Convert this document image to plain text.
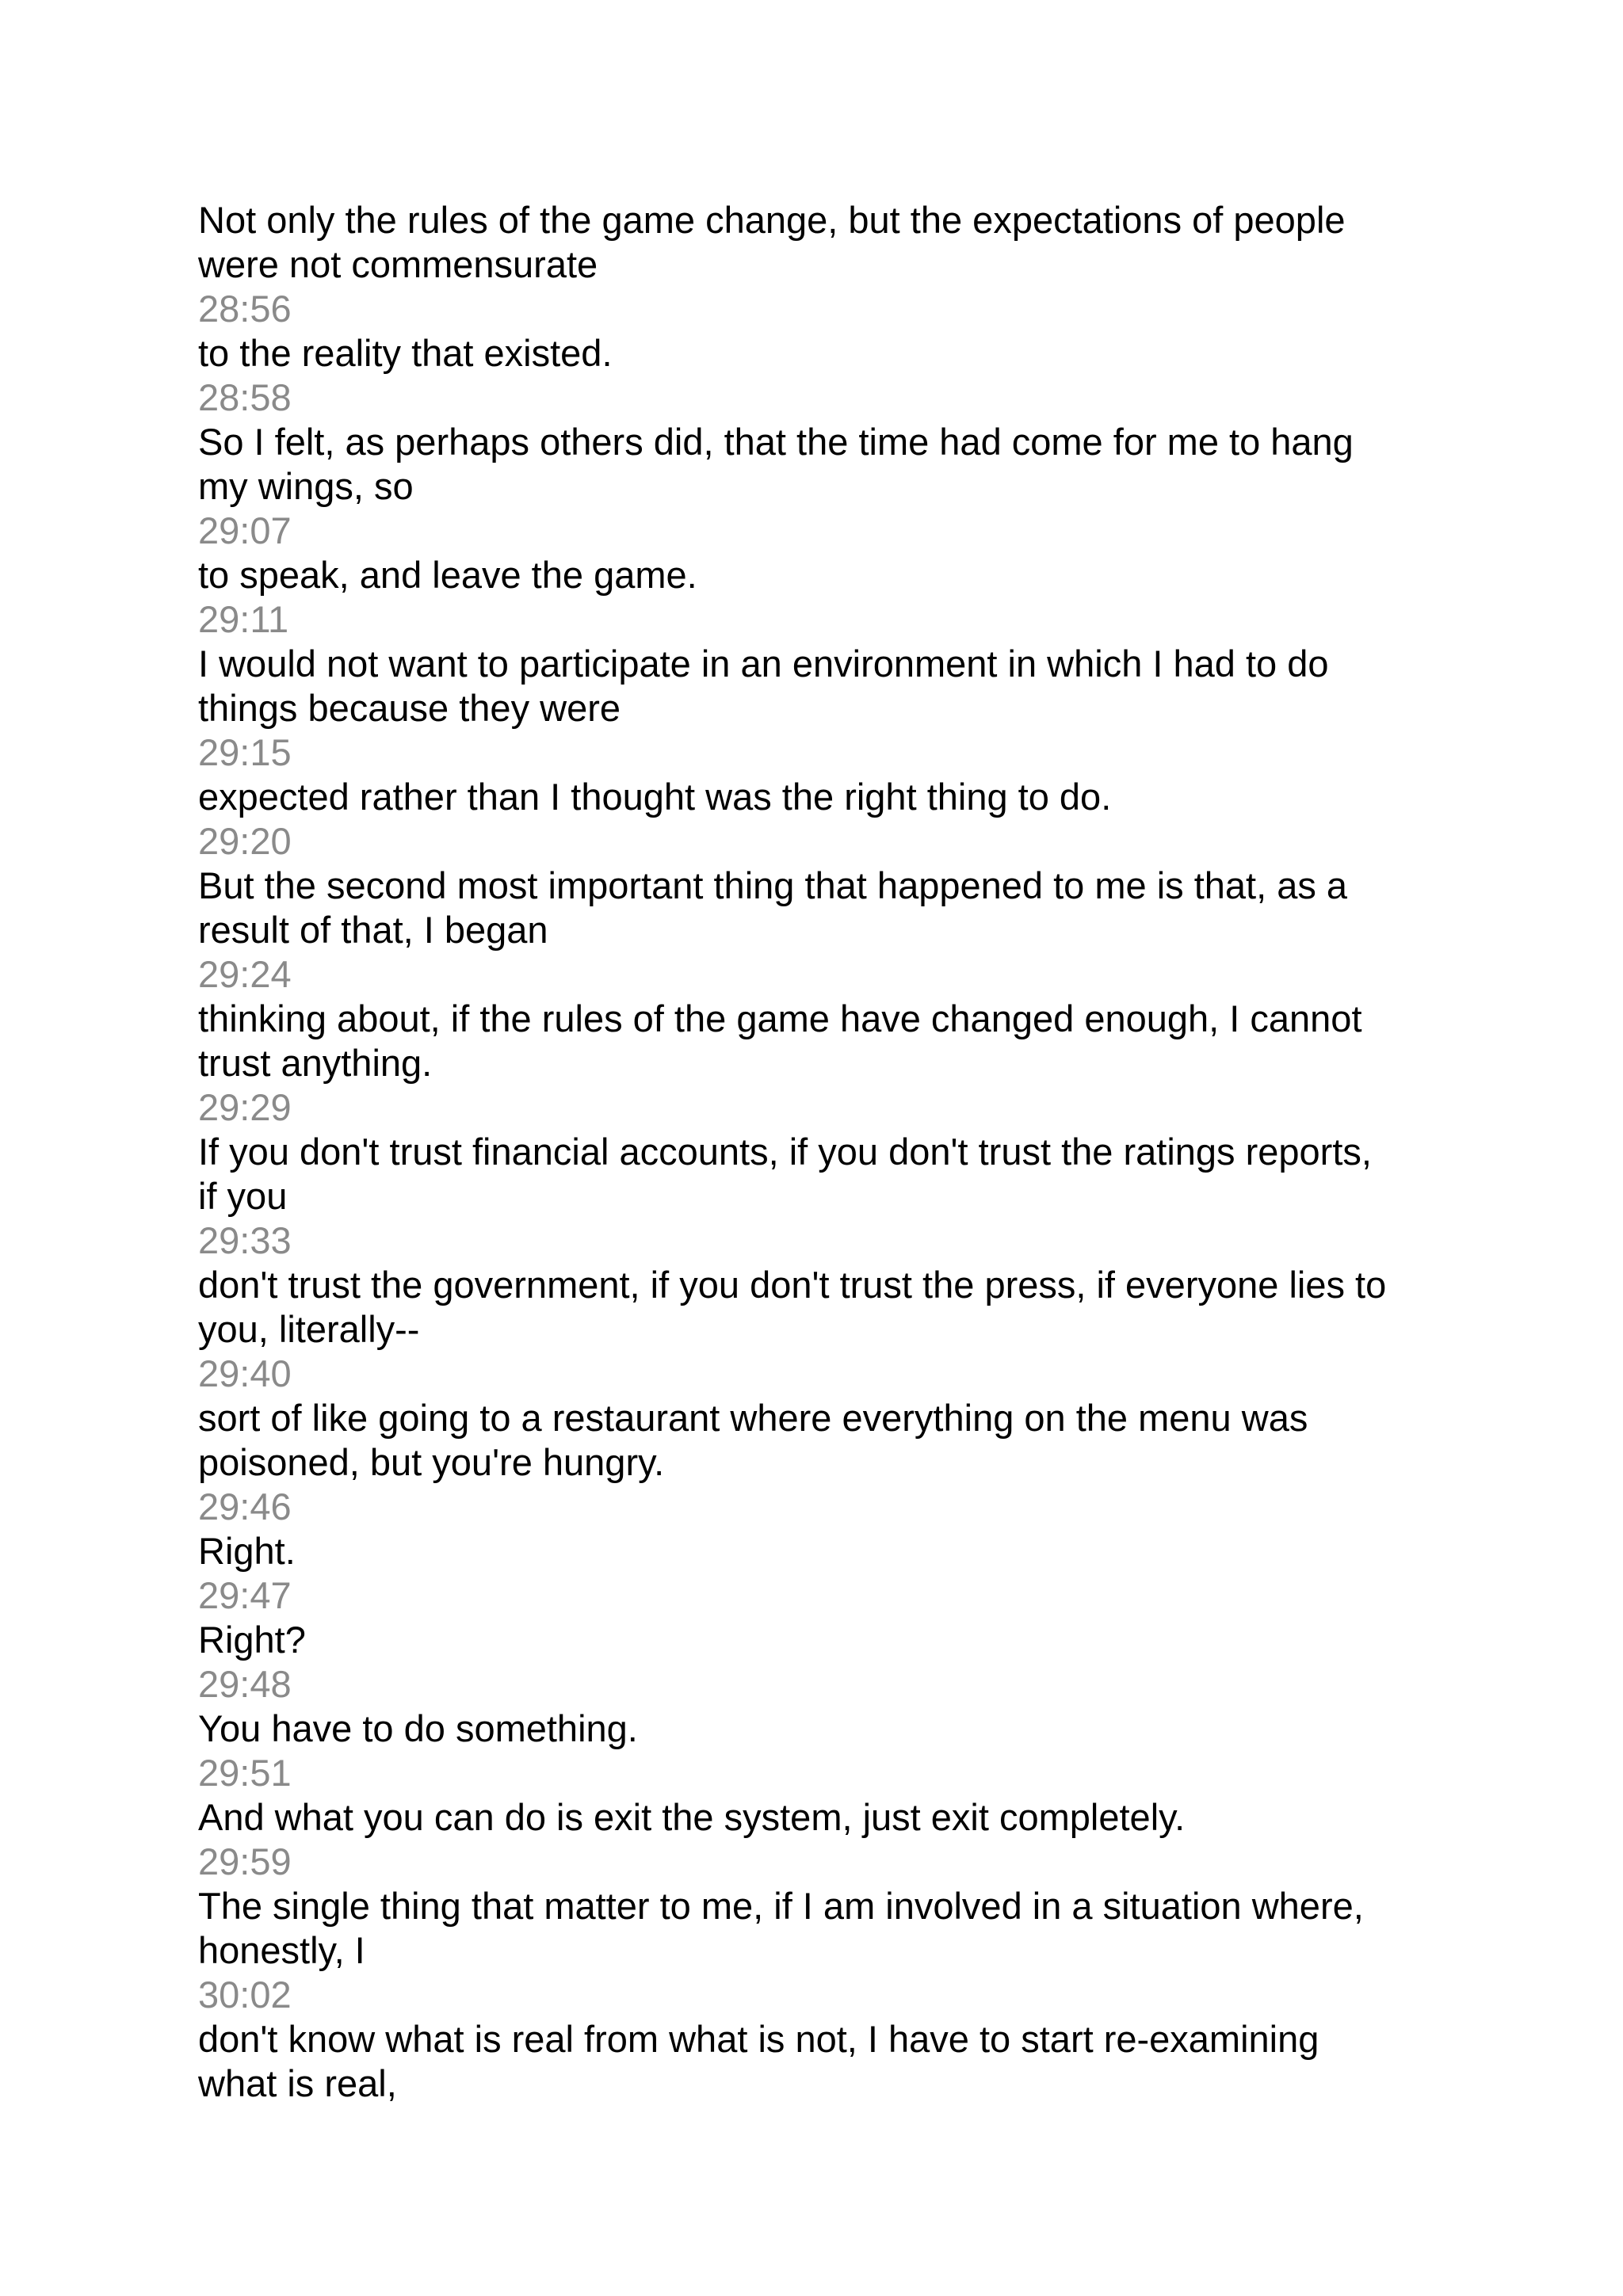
Not only the rules of the game change, but the expectations of people

were not commensurate

28:56

to the reality that existed.

28:58

So I felt, as perhaps others did, that the time had come for me to hang

my wings, so

29:07

to speak, and leave the game.

29:11

I would not want to participate in an environment in which I had to do

things because they were

29:15

expected rather than I thought was the right thing to do.

29:20

But the second most important thing that happened to me is that, as a

result of that, I began

29:24

thinking about, if the rules of the game have changed enough, I cannot

trust anything.

29:29

If you don't trust financial accounts, if you don't trust the ratings reports,

if you

29:33

don't trust the government, if you don't trust the press, if everyone lies to

you, literally--

29:40

sort of like going to a restaurant where everything on the menu was

poisoned, but you're hungry.

29:46

Right.

29:47

Right?

29:48

You have to do something.

29:51

And what you can do is exit the system, just exit completely.

29:59

The single thing that matter to me, if I am involved in a situation where,

honestly, I

30:02

don't know what is real from what is not, I have to start re-examining

what is real,
